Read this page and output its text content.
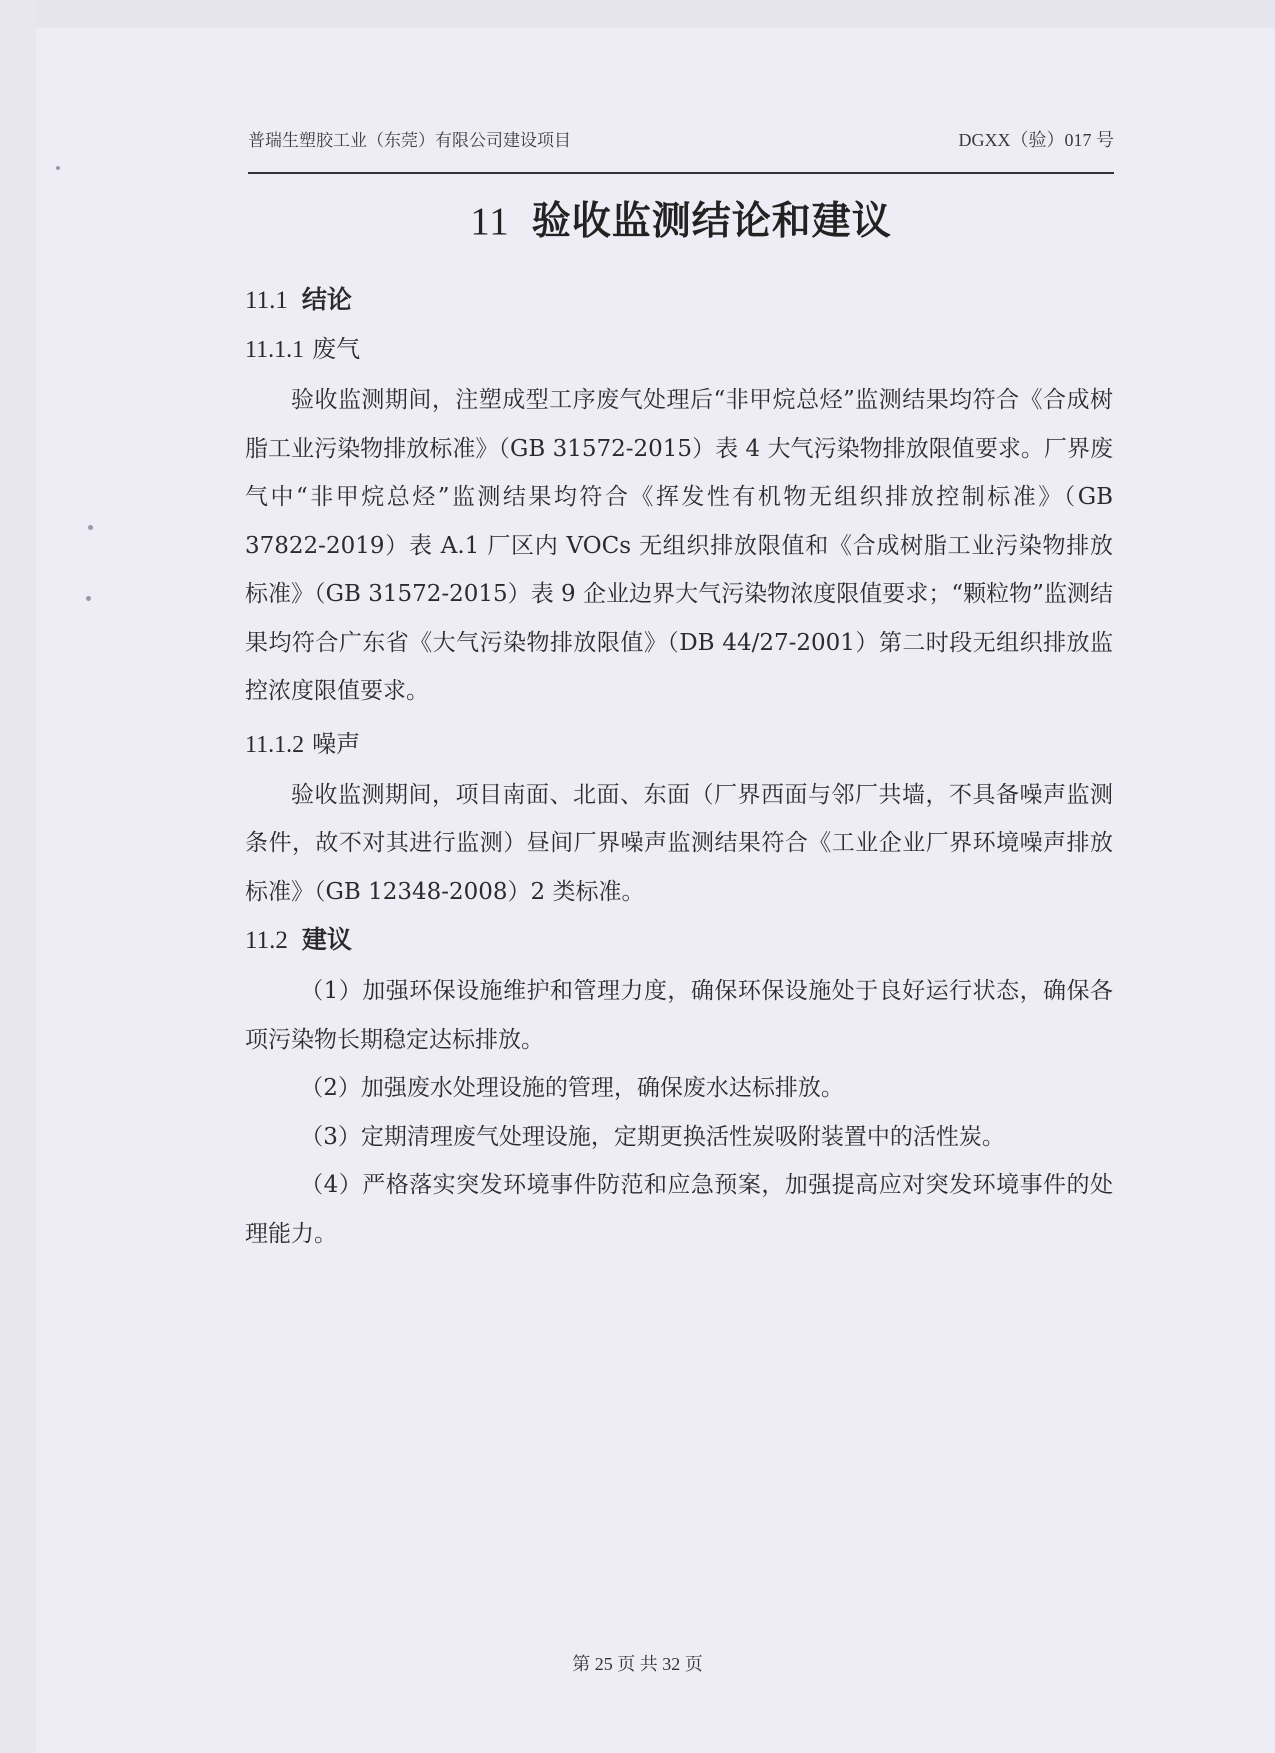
普瑞生塑胶工业（东莞）有限公司建设项目	DGXX（验）017 号
11 验收监测结论和建议
11.1 结论
11.1.1 废气

验收监测期间，注塑成型工序废气处理后“非甲烷总烃”监测结果均符合《合成树脂工业污染物排放标准》（GB 31572-2015）表 4 大气污染物排放限值要求。厂界废气中“非甲烷总烃”监测结果均符合《挥发性有机物无组织排放控制标准》（GB 37822-2019）表 A.1 厂区内 VOCs 无组织排放限值和《合成树脂工业污染物排放标准》（GB 31572-2015）表 9 企业边界大气污染物浓度限值要求；“颗粒物”监测结果均符合广东省《大气污染物排放限值》（DB 44/27-2001）第二时段无组织排放监控浓度限值要求。

11.1.2 噪声

验收监测期间，项目南面、北面、东面（厂界西面与邻厂共墙，不具备噪声监测条件，故不对其进行监测）昼间厂界噪声监测结果符合《工业企业厂界环境噪声排放标准》（GB 12348-2008）2 类标准。

11.2 建议

（1）加强环保设施维护和管理力度，确保环保设施处于良好运行状态，确保各项污染物长期稳定达标排放。

（2）加强废水处理设施的管理，确保废水达标排放。

（3）定期清理废气处理设施，定期更换活性炭吸附装置中的活性炭。

（4）严格落实突发环境事件防范和应急预案，加强提高应对突发环境事件的处理能力。

第 25 页 共 32 页
